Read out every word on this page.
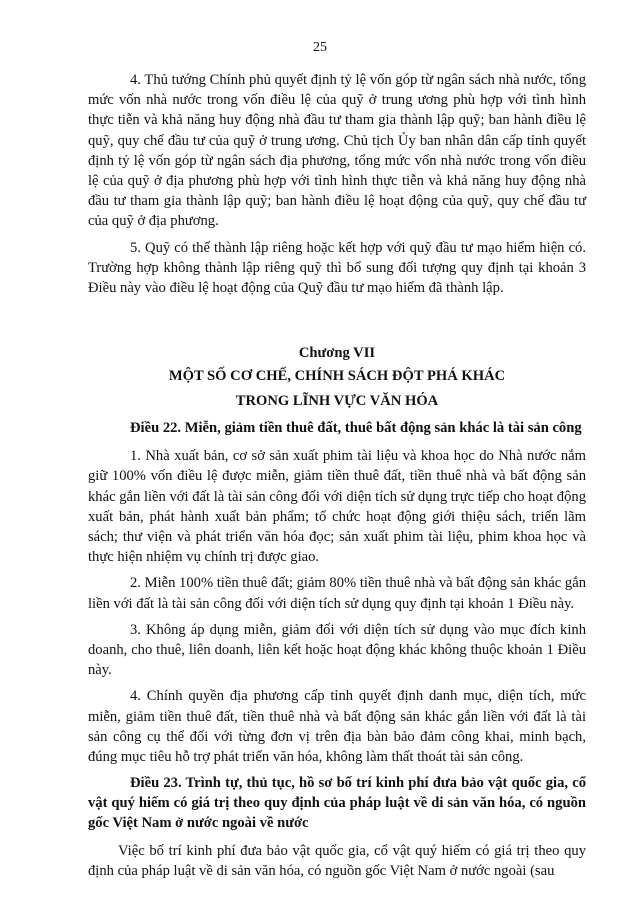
25

4. Thủ tướng Chính phủ quyết định tỷ lệ vốn góp từ ngân sách nhà nước, tổng mức vốn nhà nước trong vốn điều lệ của quỹ ở trung ương phù hợp với tình hình thực tiễn và khả năng huy động nhà đầu tư tham gia thành lập quỹ; ban hành điều lệ quỹ, quy chế đầu tư của quỹ ở trung ương. Chủ tịch Ủy ban nhân dân cấp tỉnh quyết định tỷ lệ vốn góp từ ngân sách địa phương, tổng mức vốn nhà nước trong vốn điều lệ của quỹ ở địa phương phù hợp với tình hình thực tiễn và khả năng huy động nhà đầu tư tham gia thành lập quỹ; ban hành điều lệ hoạt động của quỹ, quy chế đầu tư của quỹ ở địa phương.

5. Quỹ có thể thành lập riêng hoặc kết hợp với quỹ đầu tư mạo hiểm hiện có. Trường hợp không thành lập riêng quỹ thì bổ sung đối tượng quy định tại khoản 3 Điều này vào điều lệ hoạt động của Quỹ đầu tư mạo hiểm đã thành lập.

Chương VII
MỘT SỐ CƠ CHẾ, CHÍNH SÁCH ĐỘT PHÁ KHÁC
TRONG LĨNH VỰC VĂN HÓA
Điều 22. Miễn, giảm tiền thuê đất, thuê bất động sản khác là tài sản công

1. Nhà xuất bản, cơ sở sản xuất phim tài liệu và khoa học do Nhà nước nắm giữ 100% vốn điều lệ được miễn, giảm tiền thuê đất, tiền thuê nhà và bất động sản khác gắn liền với đất là tài sản công đối với diện tích sử dụng trực tiếp cho hoạt động xuất bản, phát hành xuất bản phẩm; tổ chức hoạt động giới thiệu sách, triển lãm sách; thư viện và phát triển văn hóa đọc; sản xuất phim tài liệu, phim khoa học và thực hiện nhiệm vụ chính trị được giao.

2. Miễn 100% tiền thuê đất; giảm 80% tiền thuê nhà và bất động sản khác gắn liền với đất là tài sản công đối với diện tích sử dụng quy định tại khoản 1 Điều này.

3. Không áp dụng miễn, giảm đối với diện tích sử dụng vào mục đích kinh doanh, cho thuê, liên doanh, liên kết hoặc hoạt động khác không thuộc khoản 1 Điều này.

4. Chính quyền địa phương cấp tỉnh quyết định danh mục, diện tích, mức miễn, giảm tiền thuê đất, tiền thuê nhà và bất động sản khác gắn liền với đất là tài sản công cụ thể đối với từng đơn vị trên địa bàn bảo đảm công khai, minh bạch, đúng mục tiêu hỗ trợ phát triển văn hóa, không làm thất thoát tài sản công.

Điều 23. Trình tự, thủ tục, hồ sơ bố trí kinh phí đưa bảo vật quốc gia, cổ vật quý hiếm có giá trị theo quy định của pháp luật về di sản văn hóa, có nguồn gốc Việt Nam ở nước ngoài về nước

Việc bố trí kinh phí đưa bảo vật quốc gia, cổ vật quý hiếm có giá trị theo quy định của pháp luật về di sản văn hóa, có nguồn gốc Việt Nam ở nước ngoài (sau
